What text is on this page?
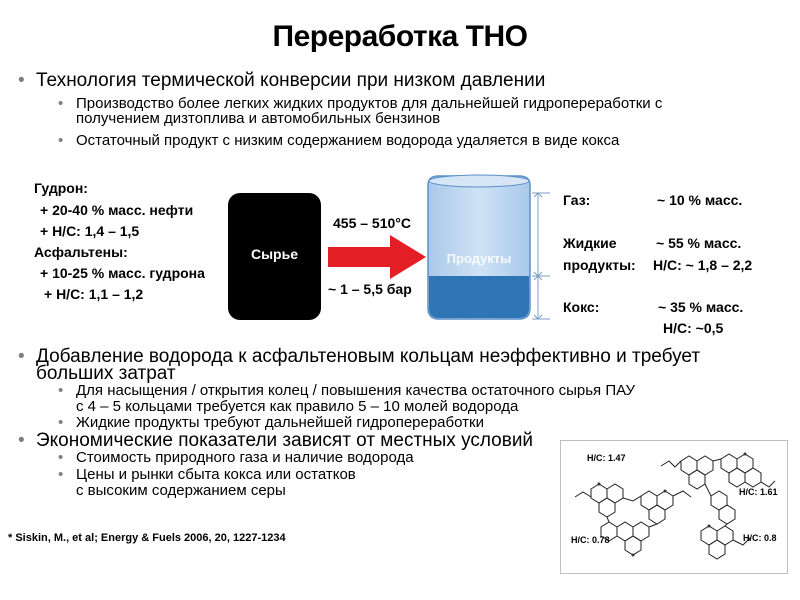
Переработка ТНО
• Технология термической конверсии при низком давлении
• Производство более легких жидких продуктов для дальнейшей гидропереработки с
получением дизтоплива и автомобильных бензинов
• Остаточный продукт с низким содержанием водорода удаляется в виде кокса
Гудрон:
+ 20-40 % масс. нефти
+ H/C: 1,4 – 1,5
Асфальтены:
+ 10-25 % масс. гудрона
+ H/C: 1,1 – 1,2
Сырье
455 – 510°C
~ 1 – 5,5 бар
Продукты
Газ:	~ 10 % масс.
Жидкие	~ 55 % масс.
продукты: H/C: ~ 1,8 – 2,2
Кокс:	~ 35 % масс.
H/C: ~0,5
• Добавление водорода к асфальтеновым кольцам неэффективно и требует
больших затрат
• Для насыщения / открытия колец / повышения качества остаточного сырья ПАУ
с 4 – 5 кольцами требуется как правило 5 – 10 молей водорода
• Жидкие продукты требуют дальнейшей гидропереработки
• Экономические показатели зависят от местных условий
• Стоимость природного газа и наличие водорода
• Цены и рынки сбыта кокса или остатков
с высоким содержанием серы
* Siskin, M., et al; Energy & Fuels 2006, 20, 1227-1234
H/C: 1.47
H/C: 1.61
H/C: 0.78	H/C: 0.8
